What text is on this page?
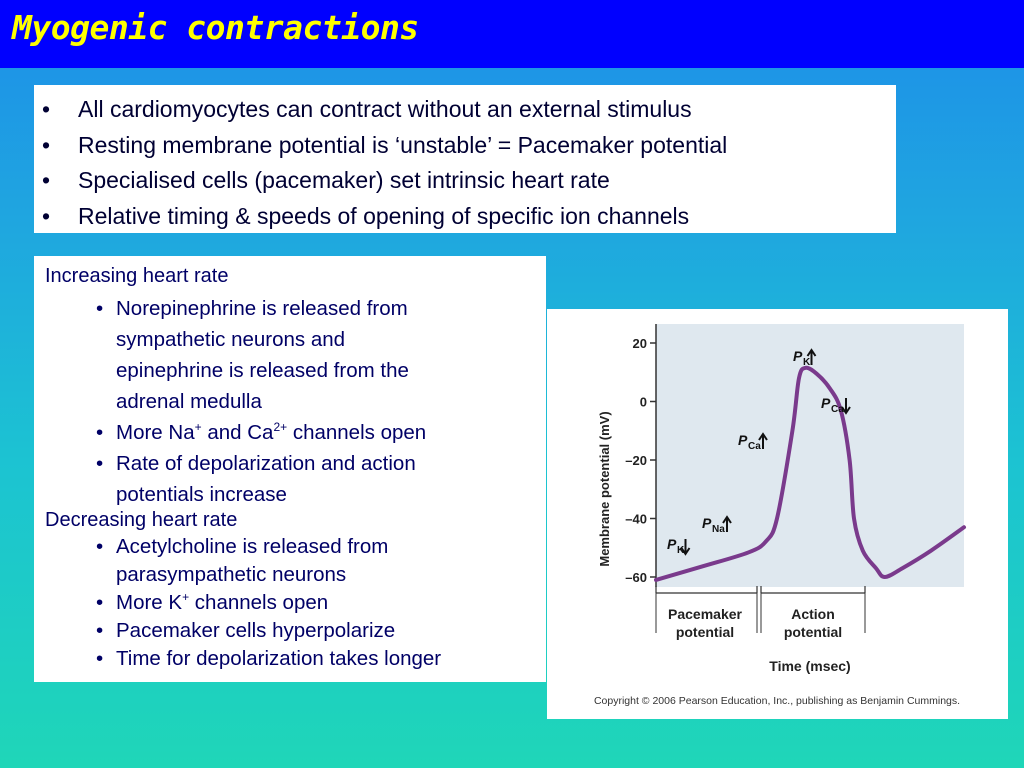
Myogenic contractions
• All cardiomyocytes can contract without an external stimulus
• Resting membrane potential is ‘unstable’ = Pacemaker potential
• Specialised cells (pacemaker) set intrinsic heart rate
• Relative timing & speeds of opening of specific ion channels
Increasing heart rate
• Norepinephrine is released from
sympathetic neurons and
epinephrine is released from the
adrenal medulla
• More Na+ and $Ca^{2+}$ channels open
• Rate of depolarization and action
potentials increase
Decreasing heart rate
• Acetylcholine is released from
parasympathetic neurons
• More K+ channels open
• Pacemaker cells hyperpolarize
• Time for depolarization takes longer
20
0
–20
–40
–60
Membrane potential (mV)
P K
P Ca
P Ca
P Na
P K
Pacemaker
potential
Action
potential
Time (msec)
Copyright © 2006 Pearson Education, Inc., publishing as Benjamin Cummings.
